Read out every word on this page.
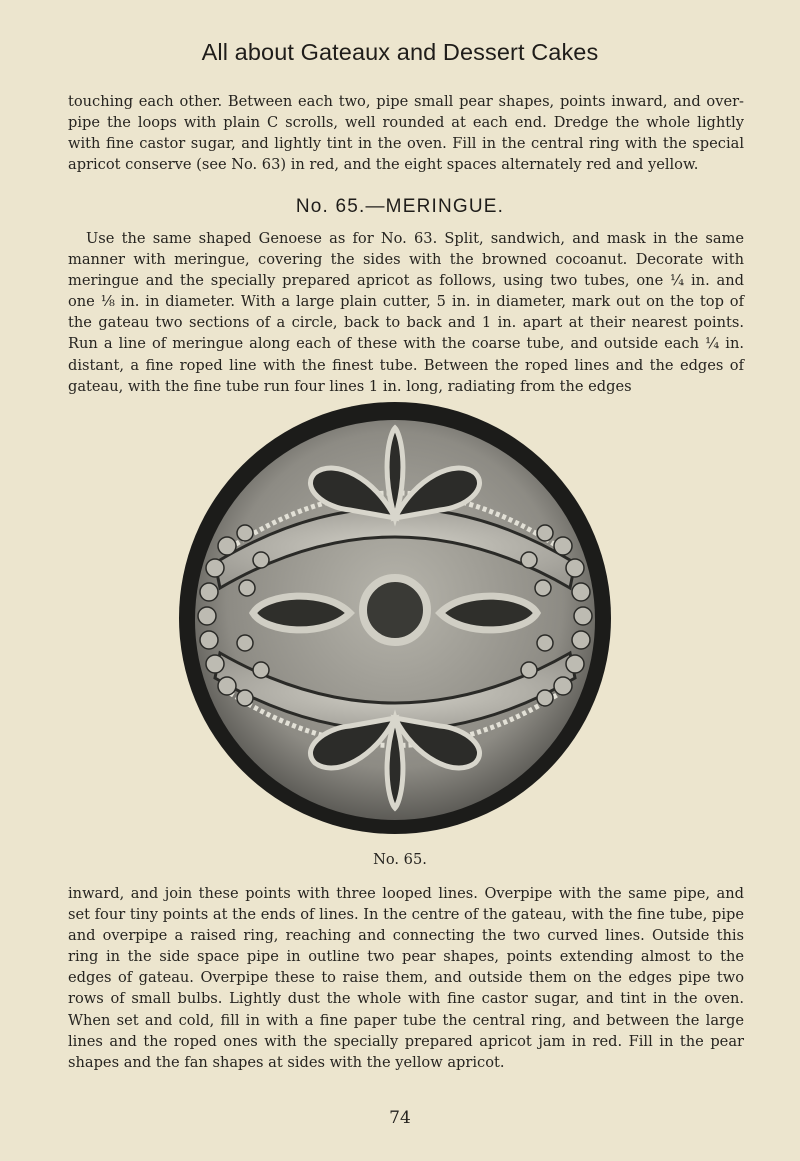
All about Gateaux and Dessert Cakes

touching each other. Between each two, pipe small pear shapes, points inward, and over-pipe the loops with plain C scrolls, well rounded at each end. Dredge the whole lightly with fine castor sugar, and lightly tint in the oven. Fill in the central ring with the special apricot conserve (see No. 63) in red, and the eight spaces alternately red and yellow.

No. 65.—MERINGUE.

Use the same shaped Genoese as for No. 63. Split, sandwich, and mask in the same manner with meringue, covering the sides with the browned cocoanut. Decorate with meringue and the specially prepared apricot as follows, using two tubes, one ¼ in. and one ⅛ in. in diameter. With a large plain cutter, 5 in. in diameter, mark out on the top of the gateau two sections of a circle, back to back and 1 in. apart at their nearest points. Run a line of meringue along each of these with the coarse tube, and outside each ¼ in. distant, a fine roped line with the finest tube. Between the roped lines and the edges of gateau, with the fine tube run four lines 1 in. long, radiating from the edges

No. 65.

inward, and join these points with three looped lines. Overpipe with the same pipe, and set four tiny points at the ends of lines. In the centre of the gateau, with the fine tube, pipe and overpipe a raised ring, reaching and connecting the two curved lines. Outside this ring in the side space pipe in outline two pear shapes, points extending almost to the edges of gateau. Overpipe these to raise them, and outside them on the edges pipe two rows of small bulbs. Lightly dust the whole with fine castor sugar, and tint in the oven. When set and cold, fill in with a fine paper tube the central ring, and between the large lines and the roped ones with the specially prepared apricot jam in red. Fill in the pear shapes and the fan shapes at sides with the yellow apricot.

74
